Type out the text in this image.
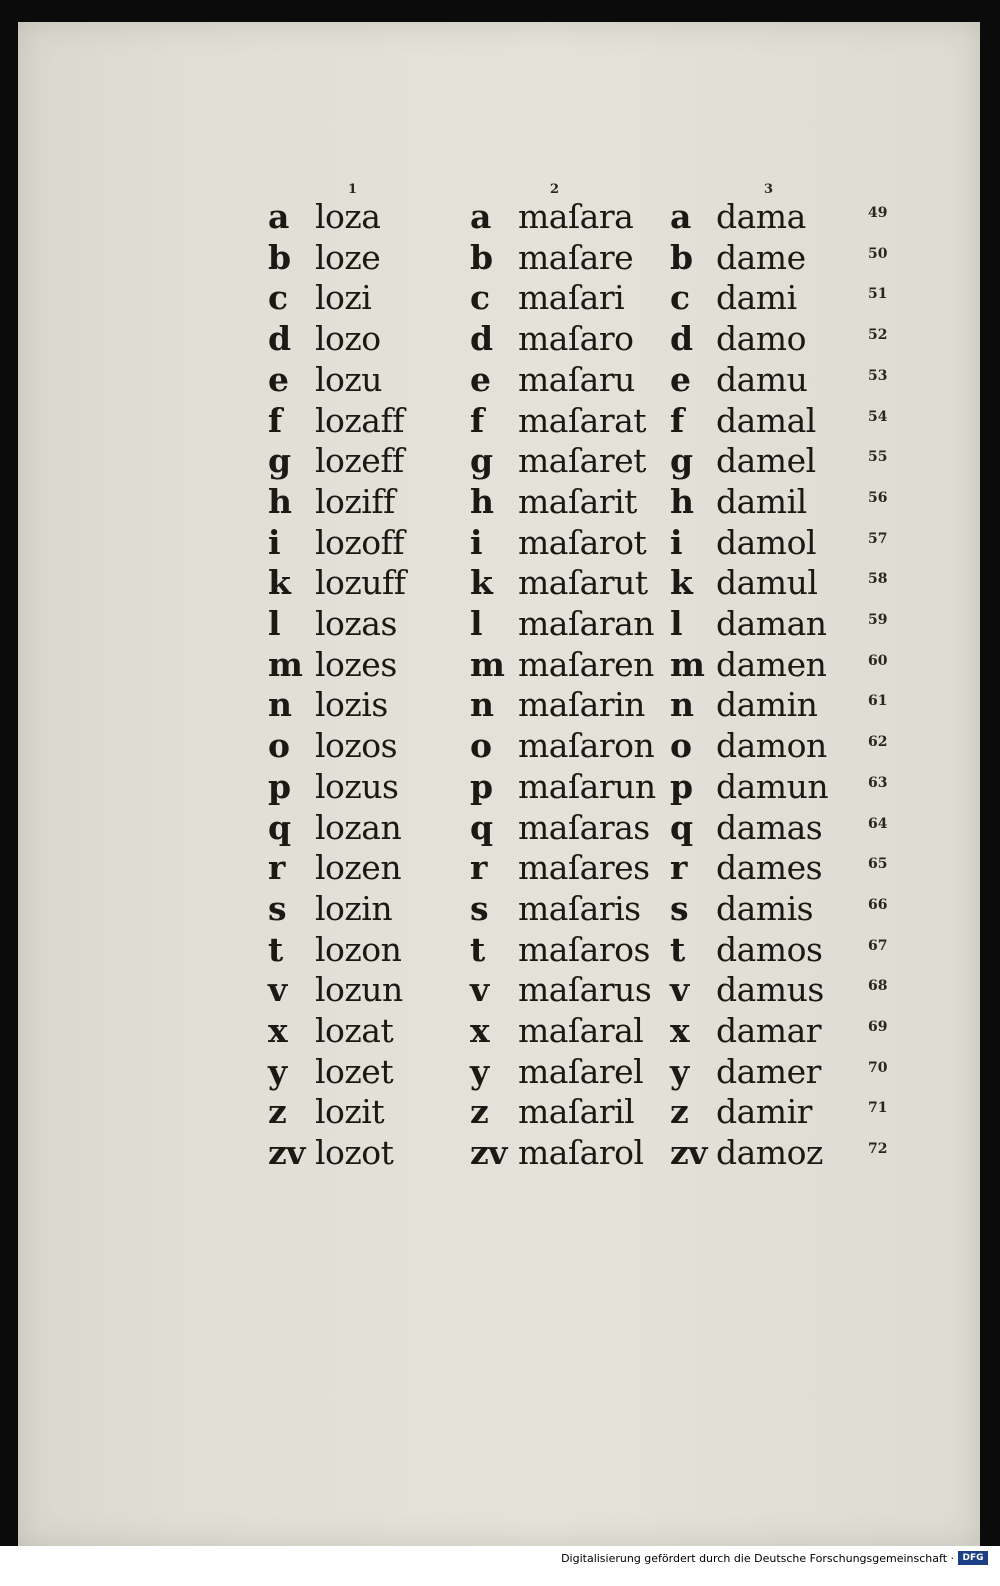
1	2	3
a loza	a maſara a dama	49
b loze	b maſare b dame	50
c lozi	c maſari c dami	51
d lozo	d maſaro d damo	52
e lozu	e maſaru e damu	53
f lozaff f maſarat f damal	54
g lozeff g maſaret g damel	55
h loziff h maſarit h damil	56
i lozoff i maſarot i damol	57
k lozuff k maſarut k damul	58
l lozas l maſaran l daman	59
m lozes m maſaren m damen	60
n lozis n maſarin n damin	61
o lozos o maſaron o damon	62
p lozus p maſarun p damun	63
q lozan q maſaras q damas	64
r lozen r maſares r dames	65
s lozin s maſaris s damis	66
t lozon t maſaros t damos	67
v lozun v maſarus v damus	68
x lozat x maſaral x damar	69
y lozet y maſarel y damer	70
z lozit	z maſaril z damir	71
zv lozot zv maſarol zv damoz	72
Digitalisierung gefördert durch die Deutsche Forschungsgemeinschaft · DFG
